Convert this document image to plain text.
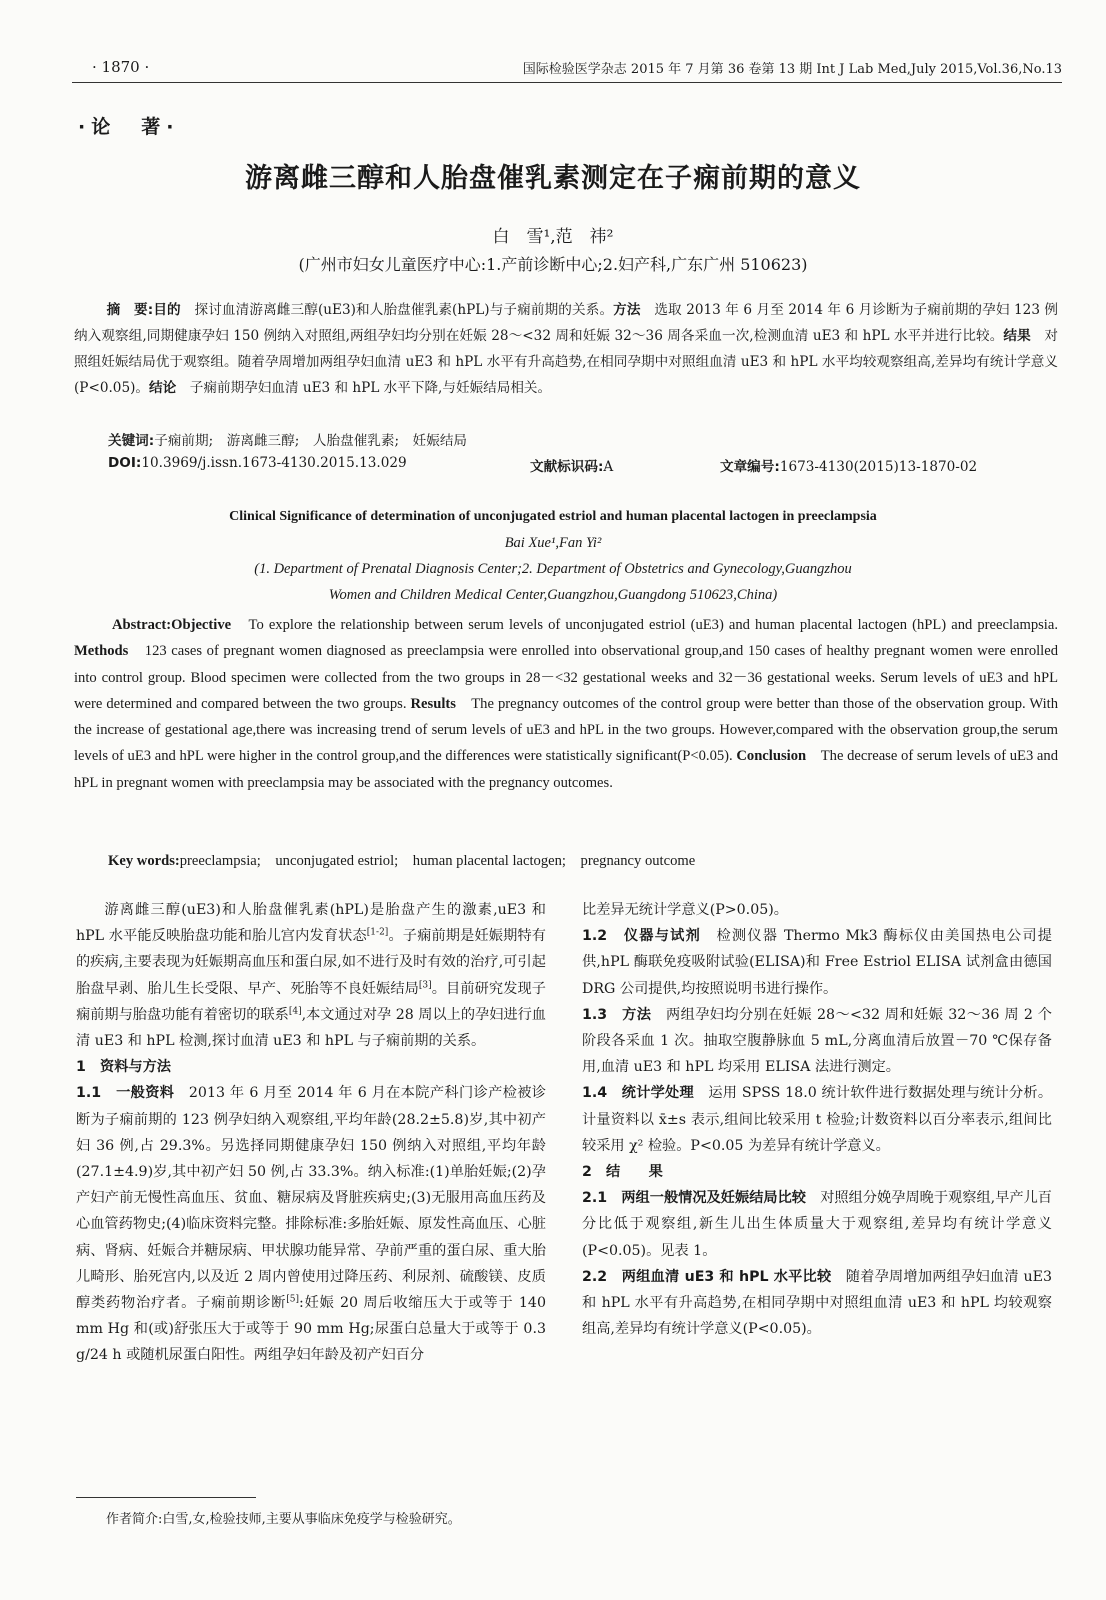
· 1870 ·	国际检验医学杂志 2015 年 7 月第 36 卷第 13 期 Int J Lab Med,July 2015,Vol.36,No.13
·论　著·
游离雌三醇和人胎盘催乳素测定在子痫前期的意义
白　雪¹,范　祎²
(广州市妇女儿童医疗中心:1.产前诊断中心;2.妇产科,广东广州 510623)
摘　要:目的　探讨血清游离雌三醇(uE3)和人胎盘催乳素(hPL)与子痫前期的关系。方法　选取 2013 年 6 月至 2014 年 6 月诊断为子痫前期的孕妇 123 例纳入观察组,同期健康孕妇 150 例纳入对照组,两组孕妇均分别在妊娠 28～<32 周和妊娠 32～36 周各采血一次,检测血清 uE3 和 hPL 水平并进行比较。结果　对照组妊娠结局优于观察组。随着孕周增加两组孕妇血清 uE3 和 hPL 水平有升高趋势,在相同孕期中对照组血清 uE3 和 hPL 水平均较观察组高,差异均有统计学意义(P<0.05)。结论　子痫前期孕妇血清 uE3 和 hPL 水平下降,与妊娠结局相关。
关键词:子痫前期;　游离雌三醇;　人胎盘催乳素;　妊娠结局
DOI:10.3969/j.issn.1673-4130.2015.13.029	文献标识码:A	文章编号:1673-4130(2015)13-1870-02
Clinical Significance of determination of unconjugated estriol and human placental lactogen in preeclampsia
Bai Xue¹,Fan Yi²
(1. Department of Prenatal Diagnosis Center;2. Department of Obstetrics and Gynecology,Guangzhou
Women and Children Medical Center,Guangzhou,Guangdong 510623,China)
Abstract:Objective　To explore the relationship between serum levels of unconjugated estriol (uE3) and human placental lactogen (hPL) and preeclampsia. Methods　123 cases of pregnant women diagnosed as preeclampsia were enrolled into observational group,and 150 cases of healthy pregnant women were enrolled into control group. Blood specimen were collected from the two groups in 28－<32 gestational weeks and 32－36 gestational weeks. Serum levels of uE3 and hPL were determined and compared between the two groups. Results　The pregnancy outcomes of the control group were better than those of the observation group. With the increase of gestational age,there was increasing trend of serum levels of uE3 and hPL in the two groups. However,compared with the observation group,the serum levels of uE3 and hPL were higher in the control group,and the differences were statistically significant(P<0.05). Conclusion　The decrease of serum levels of uE3 and hPL in pregnant women with preeclampsia may be associated with the pregnancy outcomes.
Key words:preeclampsia;　unconjugated estriol;　human placental lactogen;　pregnancy outcome

游离雌三醇(uE3)和人胎盘催乳素(hPL)是胎盘产生的激素,uE3 和 hPL 水平能反映胎盘功能和胎儿宫内发育状态[1-2]。子痫前期是妊娠期特有的疾病,主要表现为妊娠期高血压和蛋白尿,如不进行及时有效的治疗,可引起胎盘早剥、胎儿生长受限、早产、死胎等不良妊娠结局[3]。目前研究发现子痫前期与胎盘功能有着密切的联系[4],本文通过对孕 28 周以上的孕妇进行血清 uE3 和 hPL 检测,探讨血清 uE3 和 hPL 与子痫前期的关系。

1　资料与方法

1.1　一般资料　2013 年 6 月至 2014 年 6 月在本院产科门诊产检被诊断为子痫前期的 123 例孕妇纳入观察组,平均年龄(28.2±5.8)岁,其中初产妇 36 例,占 29.3%。另选择同期健康孕妇 150 例纳入对照组,平均年龄(27.1±4.9)岁,其中初产妇 50 例,占 33.3%。纳入标准:(1)单胎妊娠;(2)孕产妇产前无慢性高血压、贫血、糖尿病及肾脏疾病史;(3)无服用高血压药及心血管药物史;(4)临床资料完整。排除标准:多胎妊娠、原发性高血压、心脏病、肾病、妊娠合并糖尿病、甲状腺功能异常、孕前严重的蛋白尿、重大胎儿畸形、胎死宫内,以及近 2 周内曾使用过降压药、利尿剂、硫酸镁、皮质醇类药物治疗者。子痫前期诊断[5]:妊娠 20 周后收缩压大于或等于 140 mm Hg 和(或)舒张压大于或等于 90 mm Hg;尿蛋白总量大于或等于 0.3 g/24 h 或随机尿蛋白阳性。两组孕妇年龄及初产妇百分

比差异无统计学意义(P>0.05)。

1.2　仪器与试剂　检测仪器 Thermo Mk3 酶标仪由美国热电公司提供,hPL 酶联免疫吸附试验(ELISA)和 Free Estriol ELISA 试剂盒由德国 DRG 公司提供,均按照说明书进行操作。

1.3　方法　两组孕妇均分别在妊娠 28～<32 周和妊娠 32～36 周 2 个阶段各采血 1 次。抽取空腹静脉血 5 mL,分离血清后放置－70 ℃保存备用,血清 uE3 和 hPL 均采用 ELISA 法进行测定。

1.4　统计学处理　运用 SPSS 18.0 统计软件进行数据处理与统计分析。计量资料以 x̄±s 表示,组间比较采用 t 检验;计数资料以百分率表示,组间比较采用 χ² 检验。P<0.05 为差异有统计学意义。

2　结　　果

2.1　两组一般情况及妊娠结局比较　对照组分娩孕周晚于观察组,早产儿百分比低于观察组,新生儿出生体质量大于观察组,差异均有统计学意义(P<0.05)。见表 1。

2.2　两组血清 uE3 和 hPL 水平比较　随着孕周增加两组孕妇血清 uE3 和 hPL 水平有升高趋势,在相同孕期中对照组血清 uE3 和 hPL 均较观察组高,差异均有统计学意义(P<0.05)。

作者简介:白雪,女,检验技师,主要从事临床免疫学与检验研究。
